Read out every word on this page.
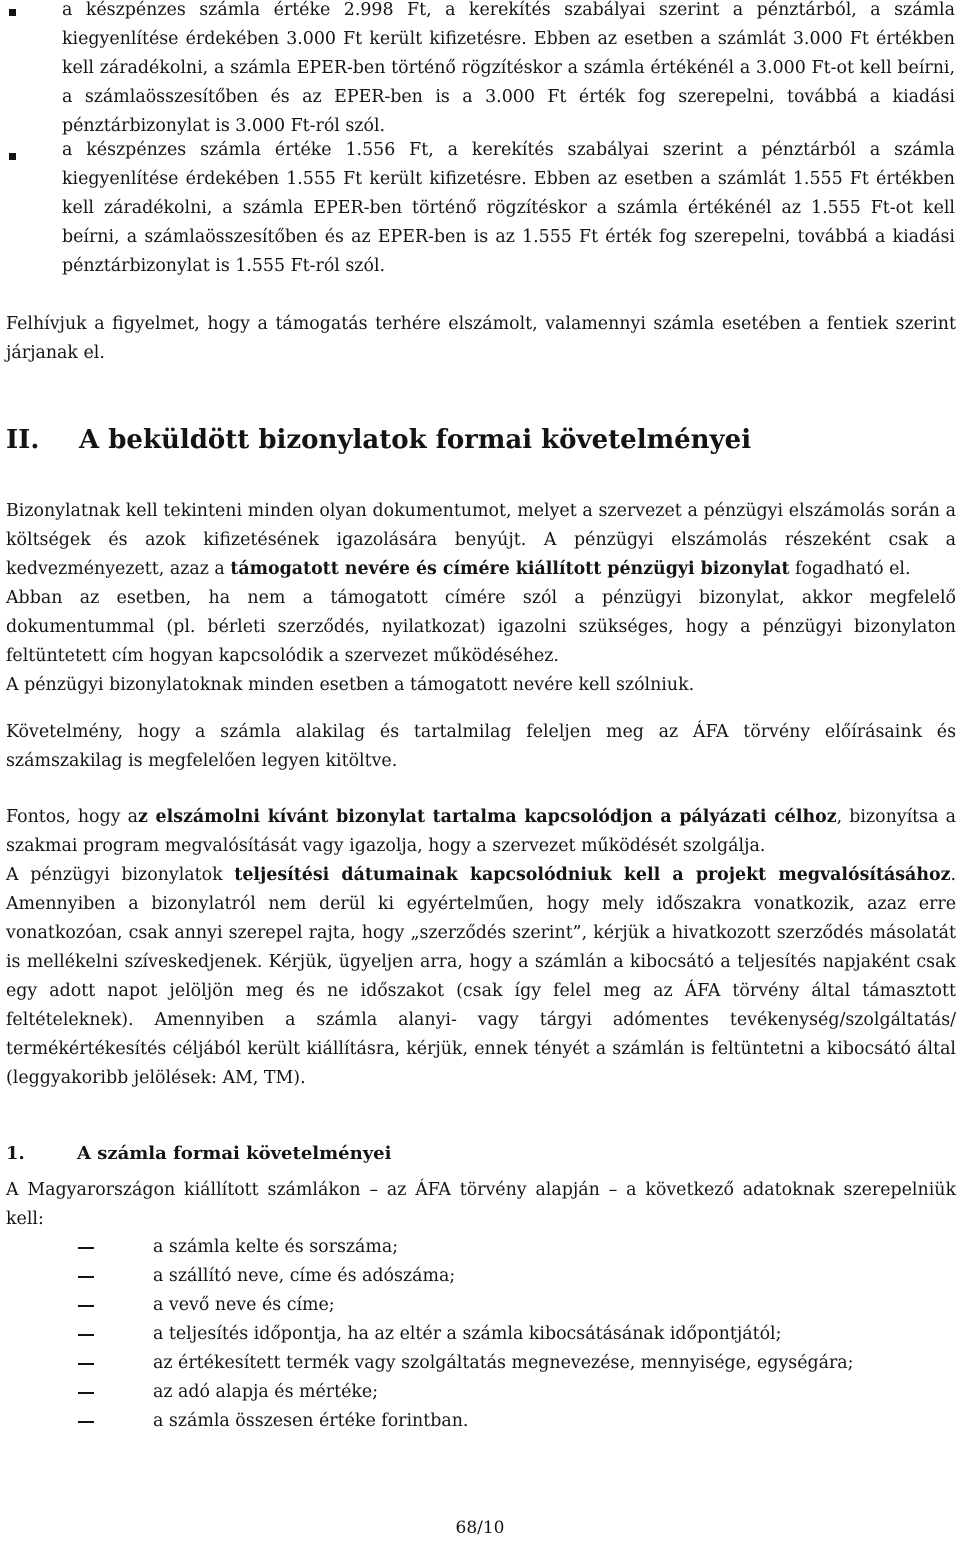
a készpénzes számla értéke 2.998 Ft, a kerekítés szabályai szerint a pénztárból, a számla kiegyenlítése érdekében 3.000 Ft került kifizetésre. Ebben az esetben a számlát 3.000 Ft értékben kell záradékolni, a számla EPER-ben történő rögzítéskor a számla értékénél a 3.000 Ft-ot kell beírni, a számlaösszesítőben és az EPER-ben is a 3.000 Ft érték fog szerepelni, továbbá a kiadási pénztárbizonylat is 3.000 Ft-ról szól.
a készpénzes számla értéke 1.556 Ft, a kerekítés szabályai szerint a pénztárból a számla kiegyenlítése érdekében 1.555 Ft került kifizetésre. Ebben az esetben a számlát 1.555 Ft értékben kell záradékolni, a számla EPER-ben történő rögzítéskor a számla értékénél az 1.555 Ft-ot kell beírni, a számlaösszesítőben és az EPER-ben is az 1.555 Ft érték fog szerepelni, továbbá a kiadási pénztárbizonylat is 1.555 Ft-ról szól.
Felhívjuk a figyelmet, hogy a támogatás terhére elszámolt, valamennyi számla esetében a fentiek szerint járjanak el.
II. A beküldött bizonylatok formai követelményei

Bizonylatnak kell tekinteni minden olyan dokumentumot, melyet a szervezet a pénzügyi elszámolás során a költségek és azok kifizetésének igazolására benyújt. A pénzügyi elszámolás részeként csak a kedvezményezett, azaz a támogatott nevére és címére kiállított pénzügyi bizonylat fogadható el.

Abban az esetben, ha nem a támogatott címére szól a pénzügyi bizonylat, akkor megfelelő dokumentummal (pl. bérleti szerződés, nyilatkozat) igazolni szükséges, hogy a pénzügyi bizonylaton feltüntetett cím hogyan kapcsolódik a szervezet működéséhez.

A pénzügyi bizonylatoknak minden esetben a támogatott nevére kell szólniuk.

Követelmény, hogy a számla alakilag és tartalmilag feleljen meg az ÁFA törvény előírásaink és számszakilag is megfelelően legyen kitöltve.

Fontos, hogy az elszámolni kívánt bizonylat tartalma kapcsolódjon a pályázati célhoz, bizonyítsa a szakmai program megvalósítását vagy igazolja, hogy a szervezet működését szolgálja.

A pénzügyi bizonylatok teljesítési dátumainak kapcsolódniuk kell a projekt megvalósításához. Amennyiben a bizonylatról nem derül ki egyértelműen, hogy mely időszakra vonatkozik, azaz erre vonatkozóan, csak annyi szerepel rajta, hogy „szerződés szerint”, kérjük a hivatkozott szerződés másolatát is mellékelni szíveskedjenek. Kérjük, ügyeljen arra, hogy a számlán a kibocsátó a teljesítés napjaként csak egy adott napot jelöljön meg és ne időszakot (csak így felel meg az ÁFA törvény által támasztott feltételeknek). Amennyiben a számla alanyi- vagy tárgyi adómentes tevékenység/szolgáltatás/ termékértékesítés céljából került kiállításra, kérjük, ennek tényét a számlán is feltüntetni a kibocsátó által (leggyakoribb jelölések: AM, TM).

1.	A számla formai követelményei
A Magyarországon kiállított számlákon – az ÁFA törvény alapján – a következő adatoknak szerepelniük kell:
a számla kelte és sorszáma;
a szállító neve, címe és adószáma;
a vevő neve és címe;
a teljesítés időpontja, ha az eltér a számla kibocsátásának időpontjától;
az értékesített termék vagy szolgáltatás megnevezése, mennyisége, egységára;
az adó alapja és mértéke;
a számla összesen értéke forintban.
68/10
